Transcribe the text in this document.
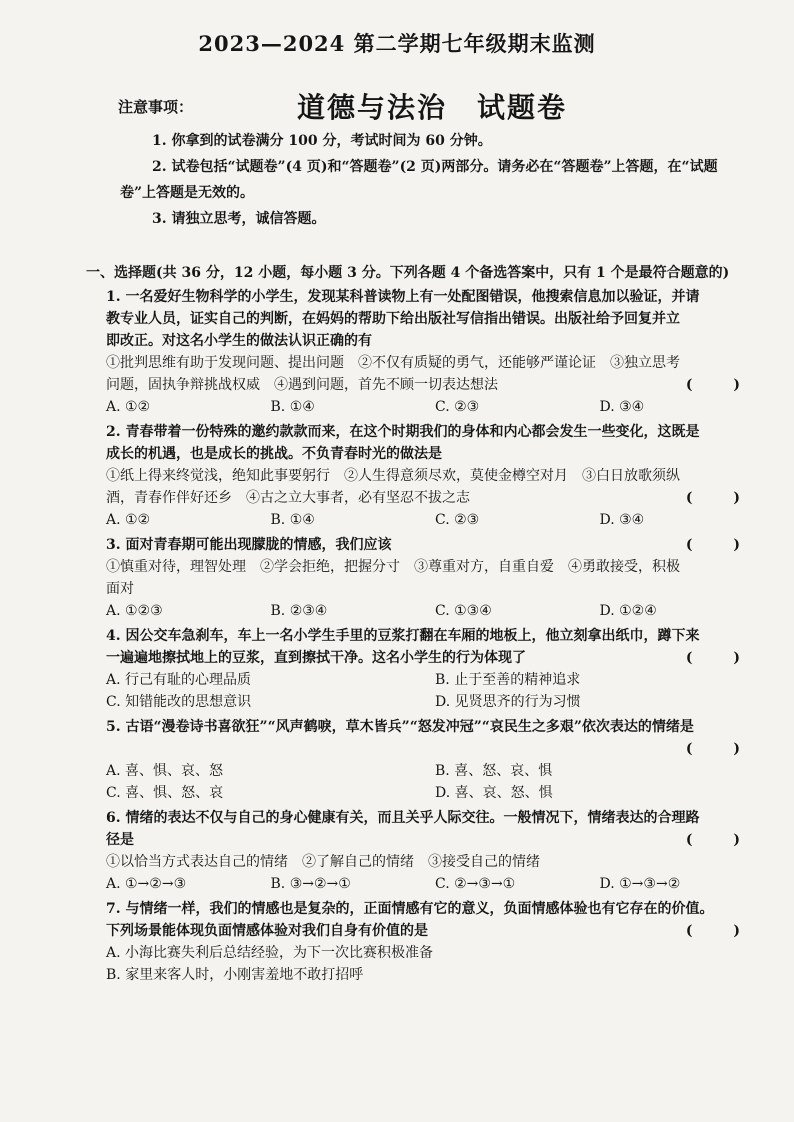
2023—2024 第二学期七年级期末监测
注意事项：	道德与法治　试题卷
1. 你拿到的试卷满分 100 分，考试时间为 60 分钟。
2. 试卷包括“试题卷”(4 页)和“答题卷”(2 页)两部分。请务必在“答题卷”上答题，在“试题
卷”上答题是无效的。
3. 请独立思考，诚信答题。
一、选择题(共 36 分，12 小题，每小题 3 分。下列各题 4 个备选答案中，只有 1 个是最符合题意的)
1. 一名爱好生物科学的小学生，发现某科普读物上有一处配图错误，他搜索信息加以验证，并请
教专业人员，证实自己的判断，在妈妈的帮助下给出版社写信指出错误。出版社给予回复并立
即改正。对这名小学生的做法认识正确的有
①批判思维有助于发现问题、提出问题　②不仅有质疑的勇气，还能够严谨论证　③独立思考
问题，固执争辩挑战权威　④遇到问题，首先不顾一切表达想法	( )
A. ①②	B. ①④	C. ②③	D. ③④
2. 青春带着一份特殊的邀约款款而来，在这个时期我们的身体和内心都会发生一些变化，这既是
成长的机遇，也是成长的挑战。不负青春时光的做法是
①纸上得来终觉浅，绝知此事要躬行　②人生得意须尽欢，莫使金樽空对月　③白日放歌须纵
酒，青春作伴好还乡　④古之立大事者，必有坚忍不拔之志	( )
A. ①②	B. ①④	C. ②③	D. ③④
3. 面对青春期可能出现朦胧的情感，我们应该	( )
①慎重对待，理智处理　②学会拒绝，把握分寸　③尊重对方，自重自爱　④勇敢接受，积极
面对
A. ①②③	B. ②③④	C. ①③④	D. ①②④
4. 因公交车急刹车，车上一名小学生手里的豆浆打翻在车厢的地板上，他立刻拿出纸巾，蹲下来
一遍遍地擦拭地上的豆浆，直到擦拭干净。这名小学生的行为体现了	( )
A. 行己有耻的心理品质	B. 止于至善的精神追求
C. 知错能改的思想意识	D. 见贤思齐的行为习惯
5. 古语“漫卷诗书喜欲狂”“风声鹤唳，草木皆兵”“怒发冲冠”“哀民生之多艰”依次表达的情绪是
( )
A. 喜、惧、哀、怒	B. 喜、怒、哀、惧
C. 喜、惧、怒、哀	D. 喜、哀、怒、惧
6. 情绪的表达不仅与自己的身心健康有关，而且关乎人际交往。一般情况下，情绪表达的合理路
径是	( )
①以恰当方式表达自己的情绪　②了解自己的情绪　③接受自己的情绪
A. ①→②→③	B. ③→②→①	C. ②→③→①	D. ①→③→②
7. 与情绪一样，我们的情感也是复杂的，正面情感有它的意义，负面情感体验也有它存在的价值。
下列场景能体现负面情感体验对我们自身有价值的是	( )
A. 小海比赛失利后总结经验，为下一次比赛积极准备
B. 家里来客人时，小刚害羞地不敢打招呼
